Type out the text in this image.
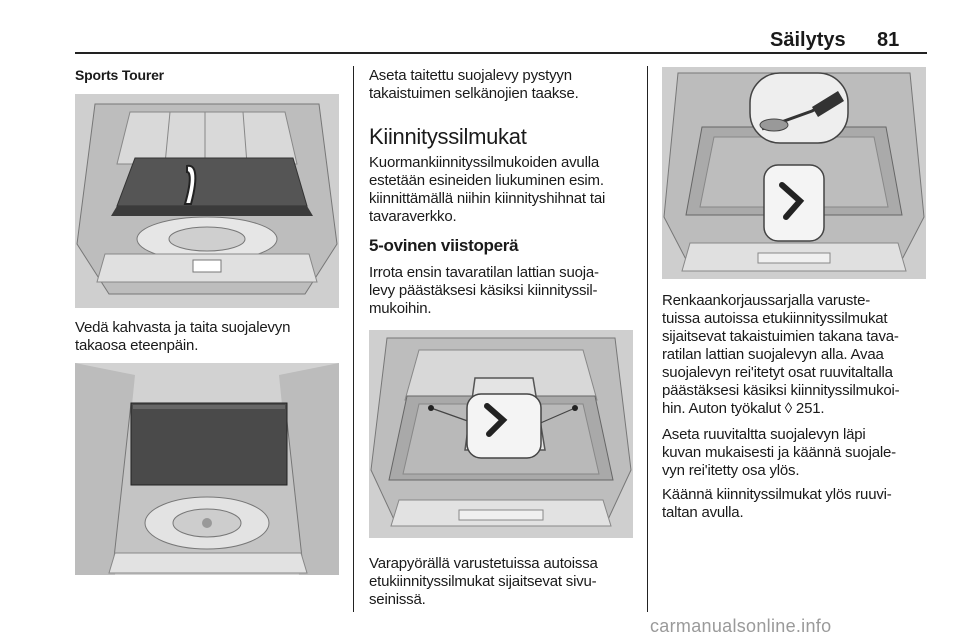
Säilytys 81
Sports Tourer
Vedä kahvasta ja taita suojalevyn
takaosa eteenpäin.
Aseta taitettu suojalevy pystyyn
takaistuimen selkänojien taakse.
Kiinnityssilmukat
Kuormankiinnityssilmukoiden avulla
estetään esineiden liukuminen esim.
kiinnittämällä niihin kiinnityshihnat tai
tavaraverkko.
5-ovinen viistoperä
Irrota ensin tavaratilan lattian suoja-
levy päästäksesi käsiksi kiinnityssil-
mukoihin.
Varapyörällä varustetuissa autoissa
etukiinnityssilmukat sijaitsevat sivu-
seinissä.
Renkaankorjaussarjalla varuste-
tuissa autoissa etukiinnityssilmukat
sijaitsevat takaistuimien takana tava-
ratilan lattian suojalevyn alla. Avaa
suojalevyn rei'itetyt osat ruuvitaltalla
päästäksesi käsiksi kiinnityssilmukoi-
hin. Auton työkalut ◊ 251.
Aseta ruuvitaltta suojalevyn läpi
kuvan mukaisesti ja käännä suojale-
vyn rei'itetty osa ylös.
Käännä kiinnityssilmukat ylös ruuvi-
taltan avulla.
carmanualsonline.info
